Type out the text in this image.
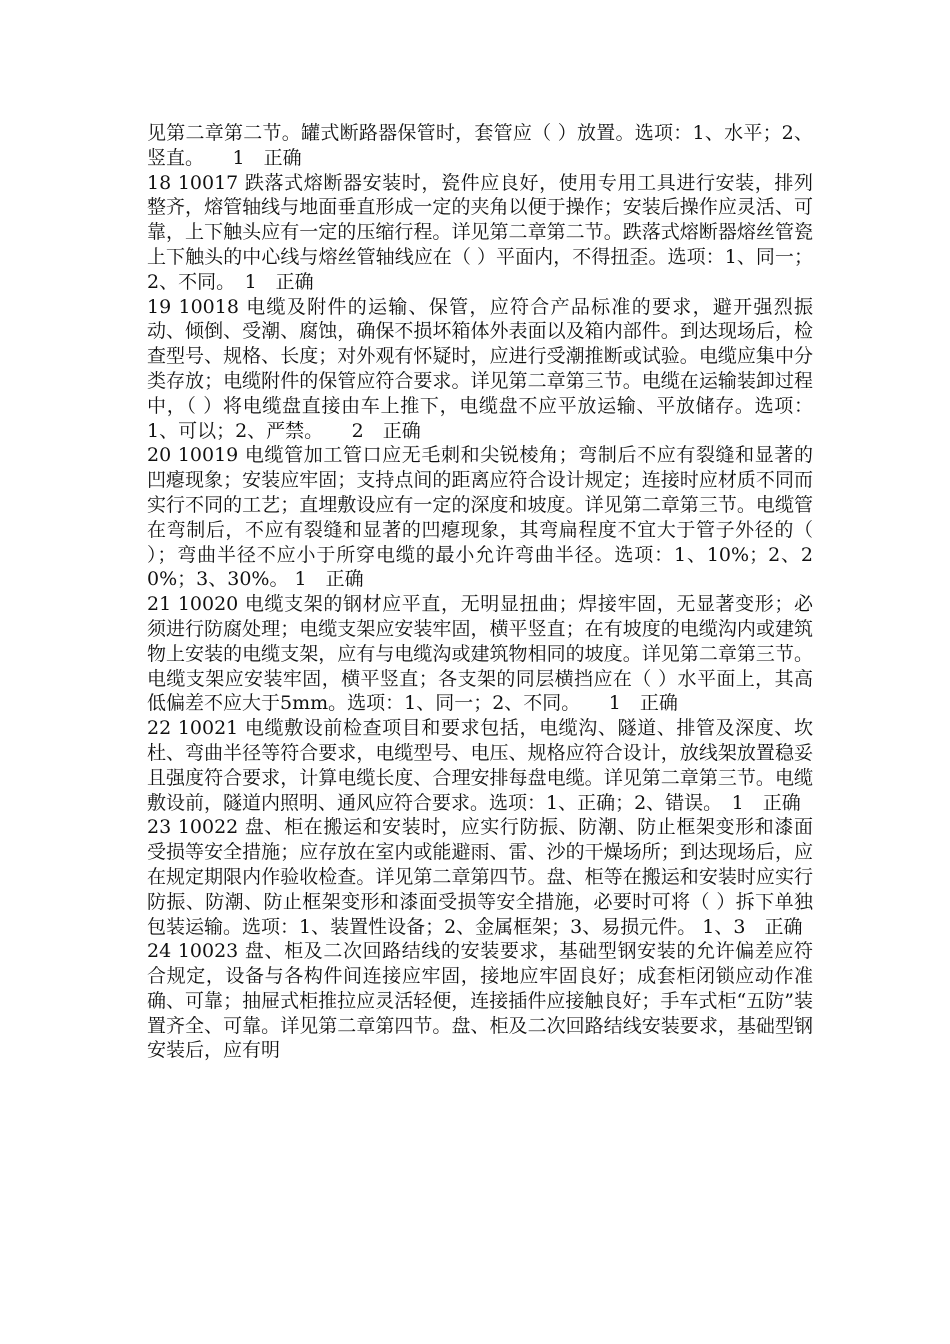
见第二章第二节。罐式断路器保管时，套管应（ ）放置。选项：1、水平；2、竖直。　　1　正确

18 10017 跌落式熔断器安装时，瓷件应良好，使用专用工具进行安装，排列整齐，熔管轴线与地面垂直形成一定的夹角以便于操作；安装后操作应灵活、可靠，上下触头应有一定的压缩行程。详见第二章第二节。跌落式熔断器熔丝管瓷上下触头的中心线与熔丝管轴线应在（ ）平面内，不得扭歪。选项：1、同一；2、不同。　1　正确

19 10018 电缆及附件的运输、保管，应符合产品标准的要求，避开强烈振动、倾倒、受潮、腐蚀，确保不损坏箱体外表面以及箱内部件。到达现场后，检查型号、规格、长度；对外观有怀疑时，应进行受潮推断或试验。电缆应集中分类存放；电缆附件的保管应符合要求。详见第二章第三节。电缆在运输装卸过程中，（ ）将电缆盘直接由车上推下，电缆盘不应平放运输、平放储存。选项：1、可以；2、严禁。　　2　正确

20 10019 电缆管加工管口应无毛刺和尖锐棱角；弯制后不应有裂缝和显著的凹瘪现象；安装应牢固；支持点间的距离应符合设计规定；连接时应材质不同而实行不同的工艺；直埋敷设应有一定的深度和坡度。详见第二章第三节。电缆管在弯制后，不应有裂缝和显著的凹瘪现象，其弯扁程度不宜大于管子外径的（ ）；弯曲半径不应小于所穿电缆的最小允许弯曲半径。选项：1、10%；2、20%；3、30%。 1　正确

21 10020 电缆支架的钢材应平直，无明显扭曲；焊接牢固，无显著变形；必须进行防腐处理；电缆支架应安装牢固，横平竖直；在有坡度的电缆沟内或建筑物上安装的电缆支架，应有与电缆沟或建筑物相同的坡度。详见第二章第三节。电缆支架应安装牢固，横平竖直；各支架的同层横挡应在（ ）水平面上，其高低偏差不应大于5mm。选项：1、同一；2、不同。　　1　正确

22 10021 电缆敷设前检查项目和要求包括，电缆沟、隧道、排管及深度、坎杜、弯曲半径等符合要求，电缆型号、电压、规格应符合设计，放线架放置稳妥且强度符合要求，计算电缆长度、合理安排每盘电缆。详见第二章第三节。电缆敷设前，隧道内照明、通风应符合要求。选项：1、正确；2、错误。　1　正确

23 10022 盘、柜在搬运和安装时，应实行防振、防潮、防止框架变形和漆面受损等安全措施；应存放在室内或能避雨、雷、沙的干燥场所；到达现场后，应在规定期限内作验收检查。详见第二章第四节。盘、柜等在搬运和安装时应实行防振、防潮、防止框架变形和漆面受损等安全措施，必要时可将（ ）拆下单独包装运输。选项：1、装置性设备；2、金属框架；3、易损元件。 1、3　正确

24 10023 盘、柜及二次回路结线的安装要求，基础型钢安装的允许偏差应符合规定，设备与各构件间连接应牢固，接地应牢固良好；成套柜闭锁应动作准确、可靠；抽屉式柜推拉应灵活轻便，连接插件应接触良好；手车式柜“五防”装置齐全、可靠。详见第二章第四节。盘、柜及二次回路结线安装要求，基础型钢安装后，应有明
